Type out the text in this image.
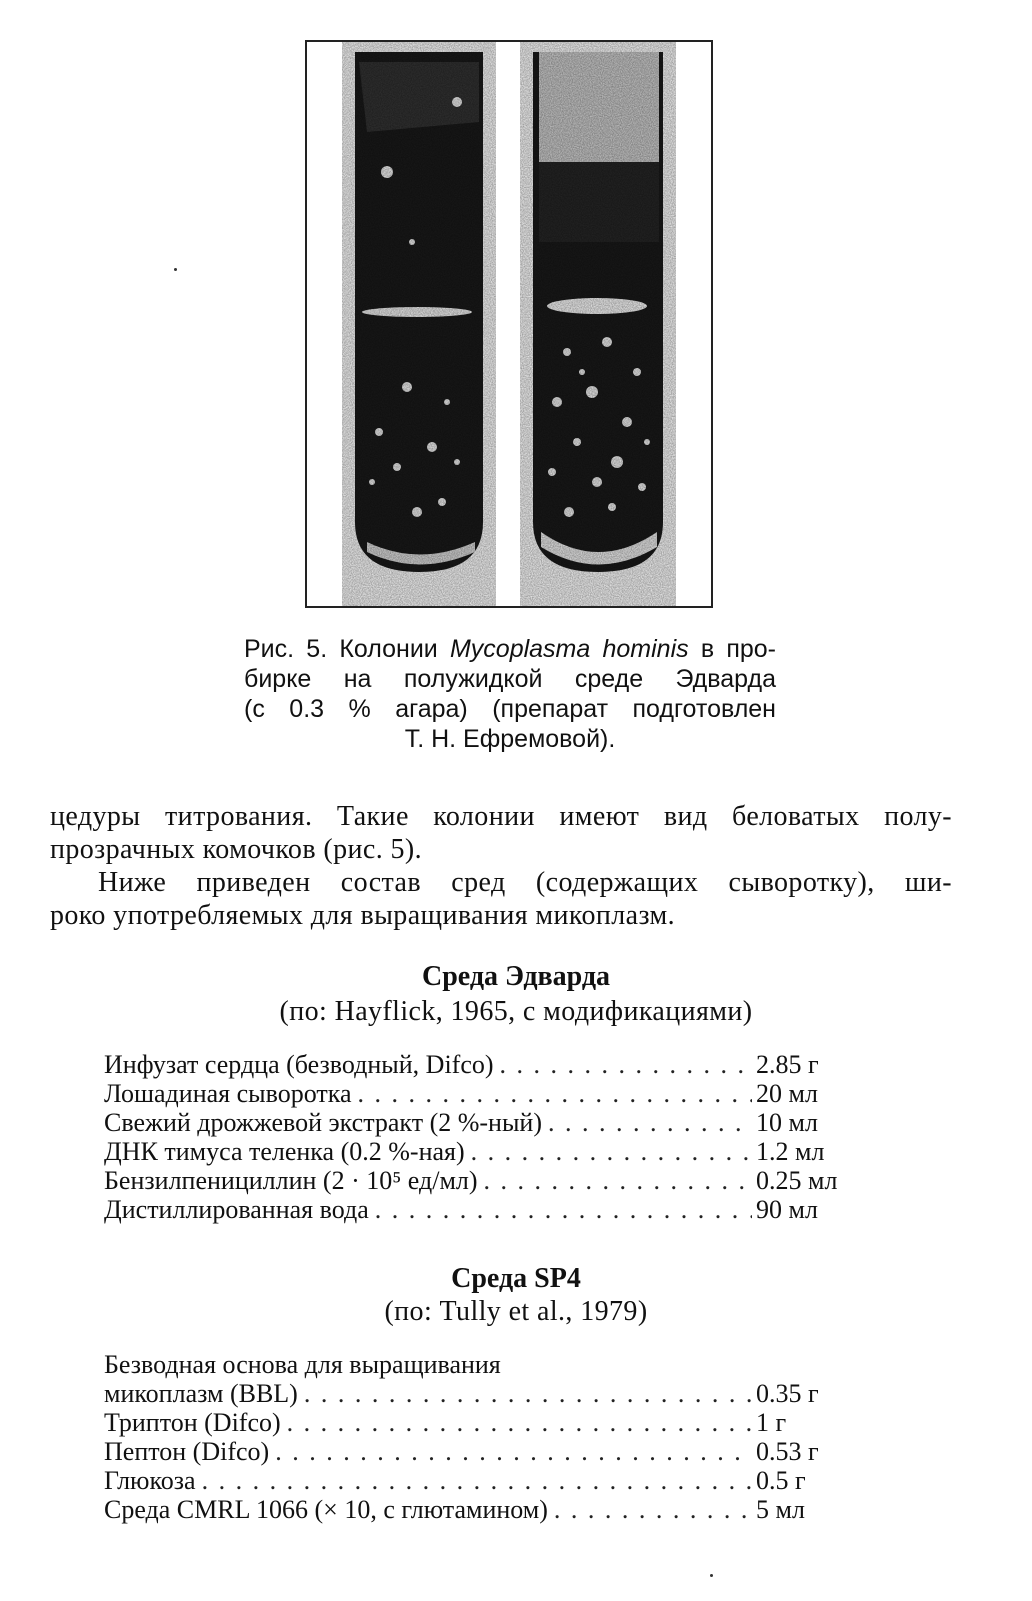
Рис. 5. Колонии Mycoplasma hominis в про-
бирке на полужидкой среде Эдварда
(с 0.3 % агара) (препарат подготовлен
Т. Н. Ефремовой).
цедуры титрования. Такие колонии имеют вид беловатых полу-
прозрачных комочков (рис. 5).
Ниже приведен состав сред (содержащих сыворотку), ши-
роко употребляемых для выращивания микоплазм.
Среда Эдварда
(по: Hayflick, 1965, с модификациями)
Инфузат сердца (безводный, Difco) . . .	2.85 г
Лошадиная сыворотка . . .	20 мл
Свежий дрожжевой экстракт (2 %-ный) . . .	10 мл
ДНК тимуса теленка (0.2 %-ная) . . .	1.2 мл
Бензилпенициллин (2 · 10⁵ ед/мл) . . .	0.25 мл
Дистиллированная вода . . .	90 мл
Среда SP4
(по: Tully et al., 1979)
Безводная основа для выращивания
микоплазм (BBL) . . .	0.35 г
Триптон (Difco) . . .	1 г
Пептон (Difco) . . .	0.53 г
Глюкоза . . .	0.5 г
Среда CMRL 1066 (× 10, с глютамином) . . .	5 мл
